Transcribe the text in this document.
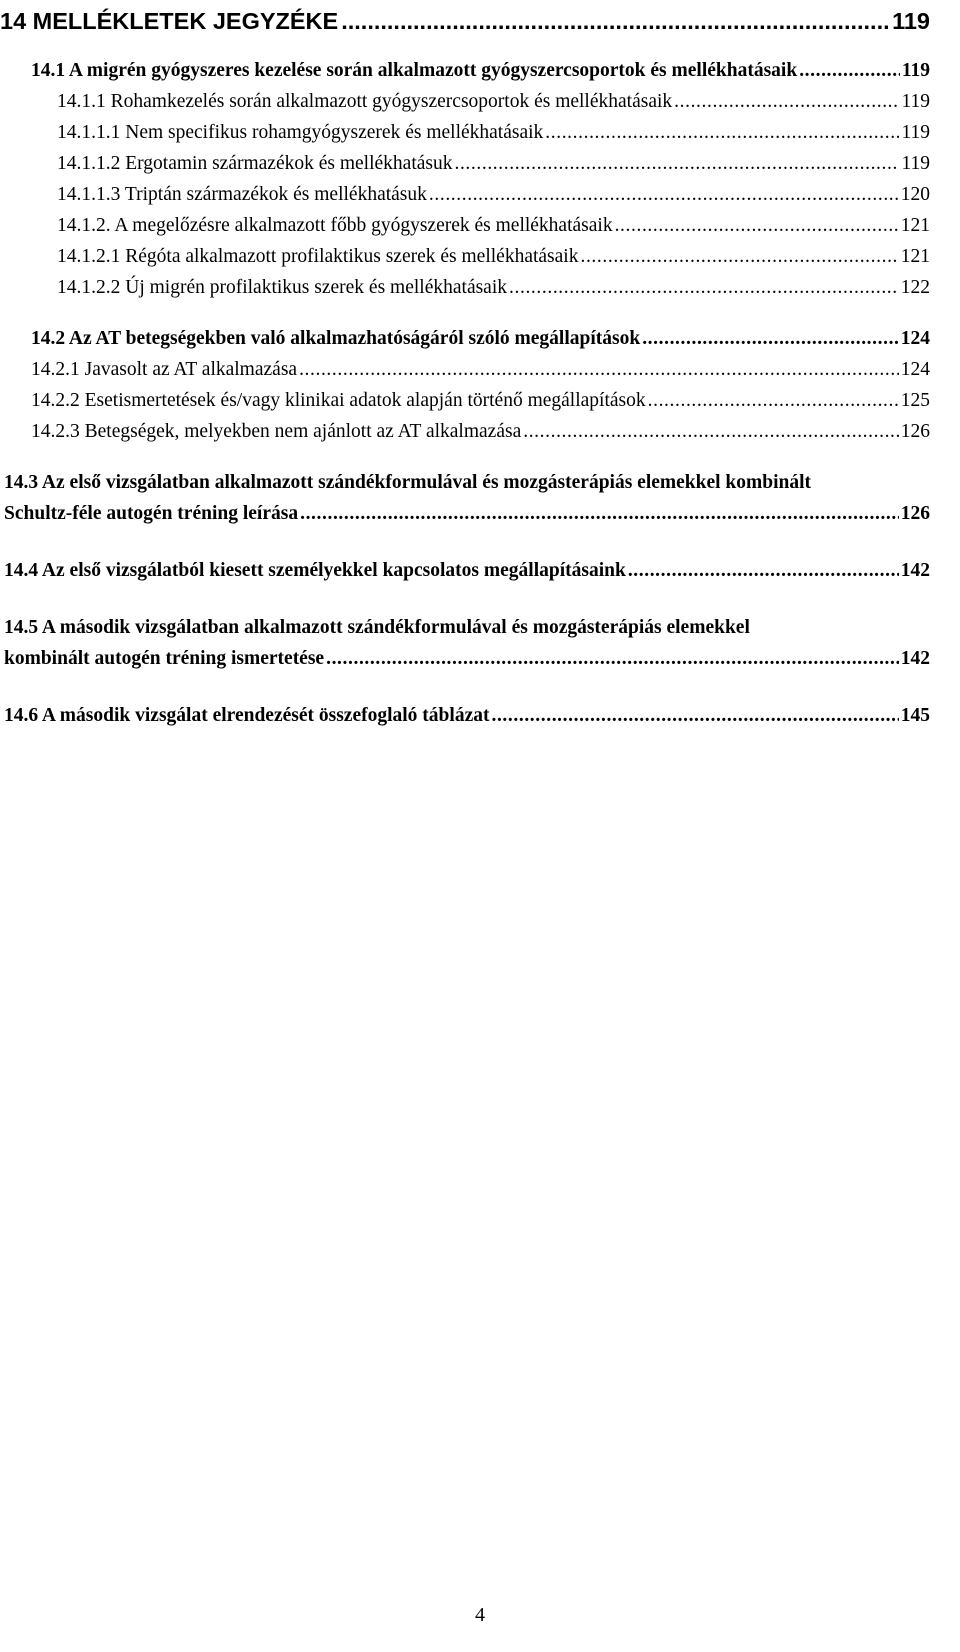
14 MELLÉKLETEK JEGYZÉKE .....	119
14.1 A migrén gyógyszeres kezelése során alkalmazott gyógyszercsoportok és mellékhatásaik .....	119
14.1.1 Rohamkezelés során alkalmazott gyógyszercsoportok és mellékhatásaik .....	119
14.1.1.1 Nem specifikus rohamgyógyszerek és mellékhatásaik .....	119
14.1.1.2 Ergotamin származékok és mellékhatásuk .....	119
14.1.1.3 Triptán származékok és mellékhatásuk .....	120
14.1.2. A megelőzésre alkalmazott főbb gyógyszerek és mellékhatásaik .....	121
14.1.2.1 Régóta alkalmazott profilaktikus szerek és mellékhatásaik .....	121
14.1.2.2 Új migrén profilaktikus szerek és mellékhatásaik .....	122
14.2 Az AT betegségekben való alkalmazhatóságáról szóló megállapítások .....	124
14.2.1 Javasolt az AT alkalmazása .....	124
14.2.2 Esetismertetések és/vagy klinikai adatok alapján történő megállapítások .....	125
14.2.3 Betegségek, melyekben nem ajánlott az AT alkalmazása .....	126
14.3 Az első vizsgálatban alkalmazott szándékformulával és mozgásterápiás elemekkel kombinált
Schultz-féle autogén tréning leírása .....	126
14.4 Az első vizsgálatból kiesett személyekkel kapcsolatos megállapításaink .....	142
14.5 A második vizsgálatban alkalmazott szándékformulával és mozgásterápiás elemekkel
kombinált autogén tréning ismertetése .....	142
14.6 A második vizsgálat elrendezését összefoglaló táblázat .....	145
4
